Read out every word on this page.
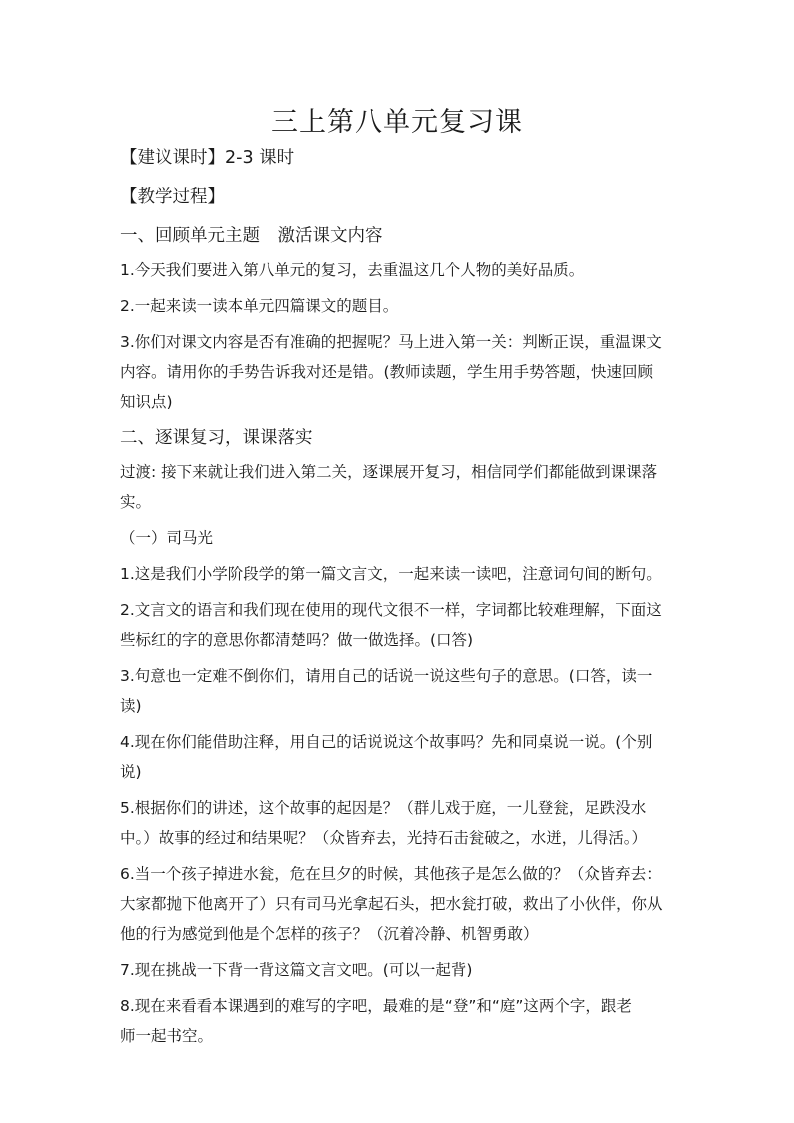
三上第八单元复习课

【建议课时】2-3 课时

【教学过程】

一、回顾单元主题　激活课文内容

1.今天我们要进入第八单元的复习，去重温这几个人物的美好品质。

2.一起来读一读本单元四篇课文的题目。

3.你们对课文内容是否有准确的把握呢？马上进入第一关：判断正误，重温课文

内容。请用你的手势告诉我对还是错。(教师读题，学生用手势答题，快速回顾

知识点)

二、逐课复习，课课落实

过渡: 接下来就让我们进入第二关，逐课展开复习，相信同学们都能做到课课落

实。

（一）司马光

1.这是我们小学阶段学的第一篇文言文，一起来读一读吧，注意词句间的断句。

2.文言文的语言和我们现在使用的现代文很不一样，字词都比较难理解，下面这

些标红的字的意思你都清楚吗？做一做选择。(口答)

3.句意也一定难不倒你们，请用自己的话说一说这些句子的意思。(口答，读一

读)

4.现在你们能借助注释，用自己的话说说这个故事吗？先和同桌说一说。(个别

说)

5.根据你们的讲述，这个故事的起因是？（群儿戏于庭，一儿登瓮，足跌没水

中。）故事的经过和结果呢？（众皆弃去，光持石击瓮破之，水迸，儿得活。）

6.当一个孩子掉进水瓮，危在旦夕的时候，其他孩子是怎么做的？（众皆弃去：

大家都抛下他离开了）只有司马光拿起石头，把水瓮打破，救出了小伙伴，你从

他的行为感觉到他是个怎样的孩子？（沉着冷静、机智勇敢）

7.现在挑战一下背一背这篇文言文吧。(可以一起背)

8.现在来看看本课遇到的难写的字吧，最难的是“登”和“庭”这两个字，跟老

师一起书空。
